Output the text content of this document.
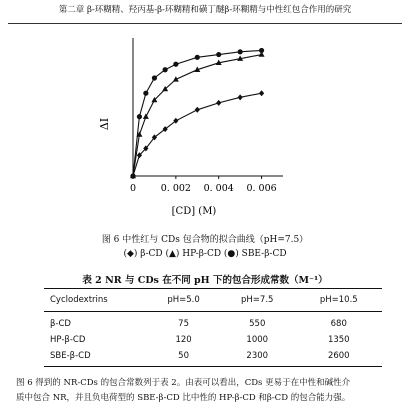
第二章 β-环糊精、羟丙基-β-环糊精和磺丁醚β-环糊精与中性红包合作用的研究
0	0. 002 0. 004 0. 006
ΔI
[CD] (M)
图 6 中性红与 CDs 包合物的拟合曲线（pH=7.5）
(◆) β-CD (▲) HP-β-CD (●) SBE-β-CD
表 2 NR 与 CDs 在不同 pH 下的包合形成常数（M⁻¹）
Cyclodextrins	pH=5.0	pH=7.5	pH=10.5
β-CD	75	550	680
HP-β-CD	120	1000	1350
SBE-β-CD	50	2300	2600
图 6 得到的 NR-CDs 的包合常数列于表 2。由表可以看出，CDs 更易于在中性和碱性介
质中包合 NR，并且负电荷型的 SBE-β-CD 比中性的 HP-β-CD 和β-CD 的包合能力强。
